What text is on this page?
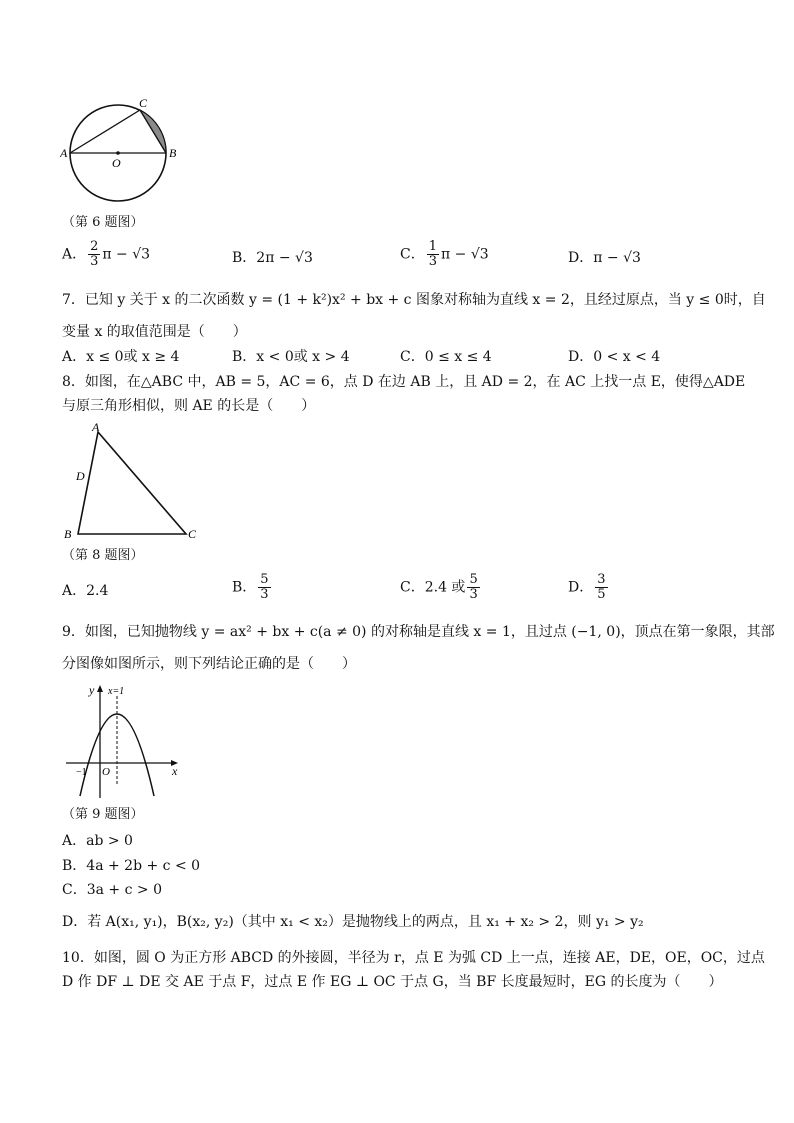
A	B
C
O
（第 6 题图）
A． $\frac{2}{3}$ π − √3	B．2π − √3	C． $\frac{1}{3}$ π − √3	D．π − √3
7．已知 y 关于 x 的二次函数 y = (1 + k²)x² + bx + c 图象对称轴为直线 x = 2，且经过原点，当 y ≤ 0时，自
变量 x 的取值范围是（　　）
A．x ≤ 0或 x ≥ 4	B．x < 0或 x > 4	C．0 ≤ x ≤ 4	D．0 < x < 4
8．如图，在△ABC 中，AB = 5，AC = 6，点 D 在边 AB 上，且 AD = 2，在 AC 上找一点 E，使得△ADE
与原三角形相似，则 AE 的长是（　　）
A
B	C
D
（第 8 题图）
A．2.4	B． $\frac{5}{3}$	C．2.4 或 $\frac{5}{3}$	D． $\frac{3}{5}$
9．如图，已知抛物线 y = ax² + bx + c(a ≠ 0) 的对称轴是直线 x = 1，且过点 (−1, 0)，顶点在第一象限，其部
分图像如图所示，则下列结论正确的是（　　）
y x=1
x
−1 O
（第 9 题图）
A．ab > 0
B．4a + 2b + c < 0
C．3a + c > 0
D．若 A(x₁, y₁)，B(x₂, y₂)（其中 x₁ < x₂）是抛物线上的两点，且 x₁ + x₂ > 2，则 y₁ > y₂
10．如图，圆 O 为正方形 ABCD 的外接圆，半径为 r，点 E 为弧 CD 上一点，连接 AE，DE，OE，OC，过点
D 作 DF ⊥ DE 交 AE 于点 F，过点 E 作 EG ⊥ OC 于点 G，当 BF 长度最短时，EG 的长度为（　　）
